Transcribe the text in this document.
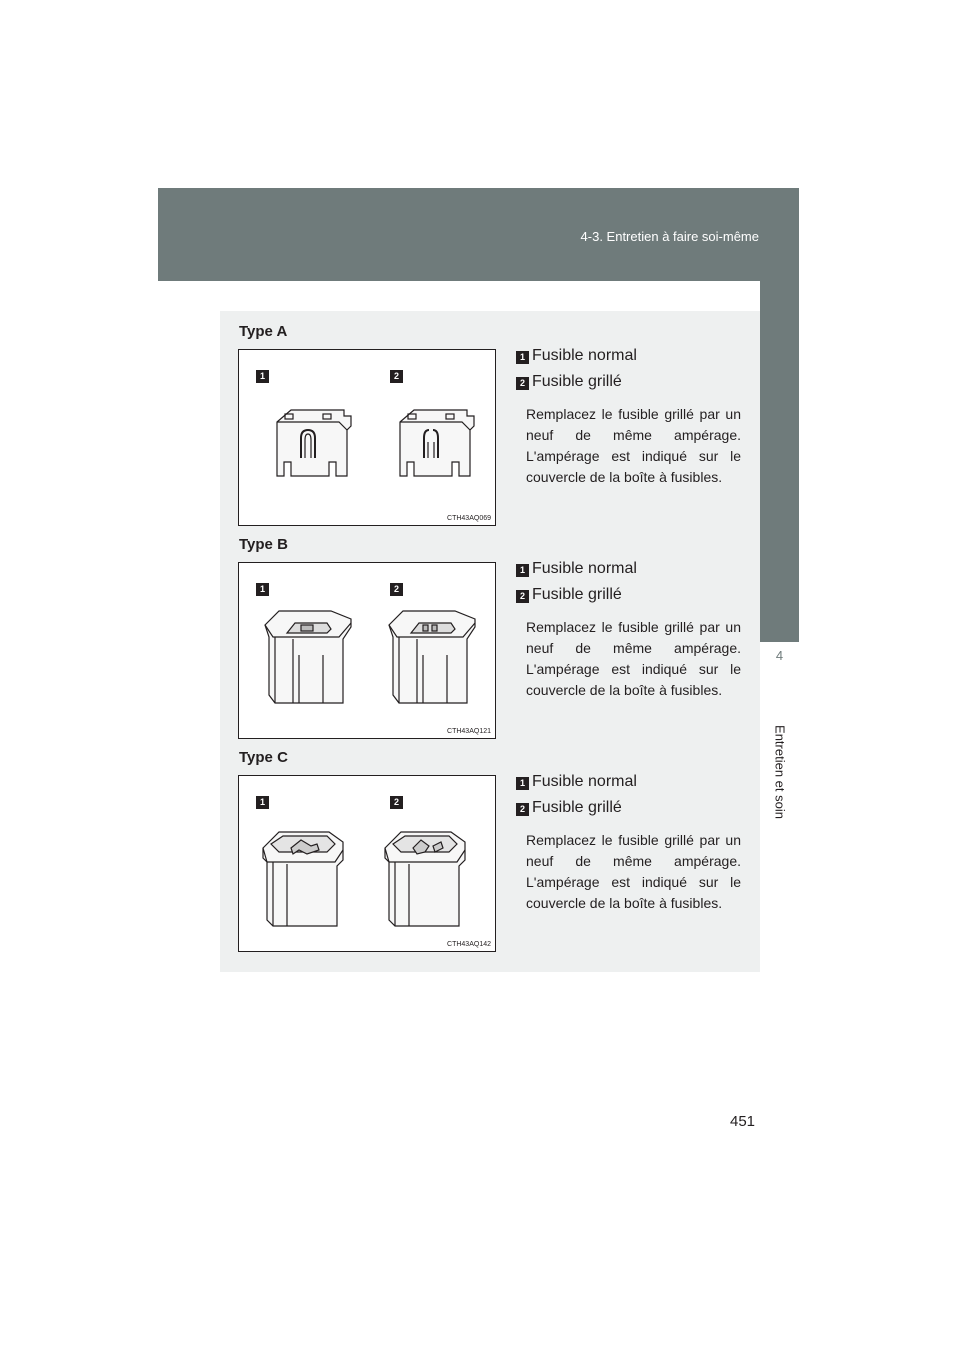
4-3. Entretien à faire soi-même
4
Entretien et soin
Type A
1	2
CTH43AQ069
1 Fusible normal
2 Fusible grillé
Remplacez le fusible grillé par un neuf de même ampérage. L'ampérage est indiqué sur le couvercle de la boîte à fusibles.
Type B
1	2
CTH43AQ121
1 Fusible normal
2 Fusible grillé
Remplacez le fusible grillé par un neuf de même ampérage. L'ampérage est indiqué sur le couvercle de la boîte à fusibles.
Type C
1	2
CTH43AQ142
1 Fusible normal
2 Fusible grillé
Remplacez le fusible grillé par un neuf de même ampérage. L'ampérage est indiqué sur le couvercle de la boîte à fusibles.
451
